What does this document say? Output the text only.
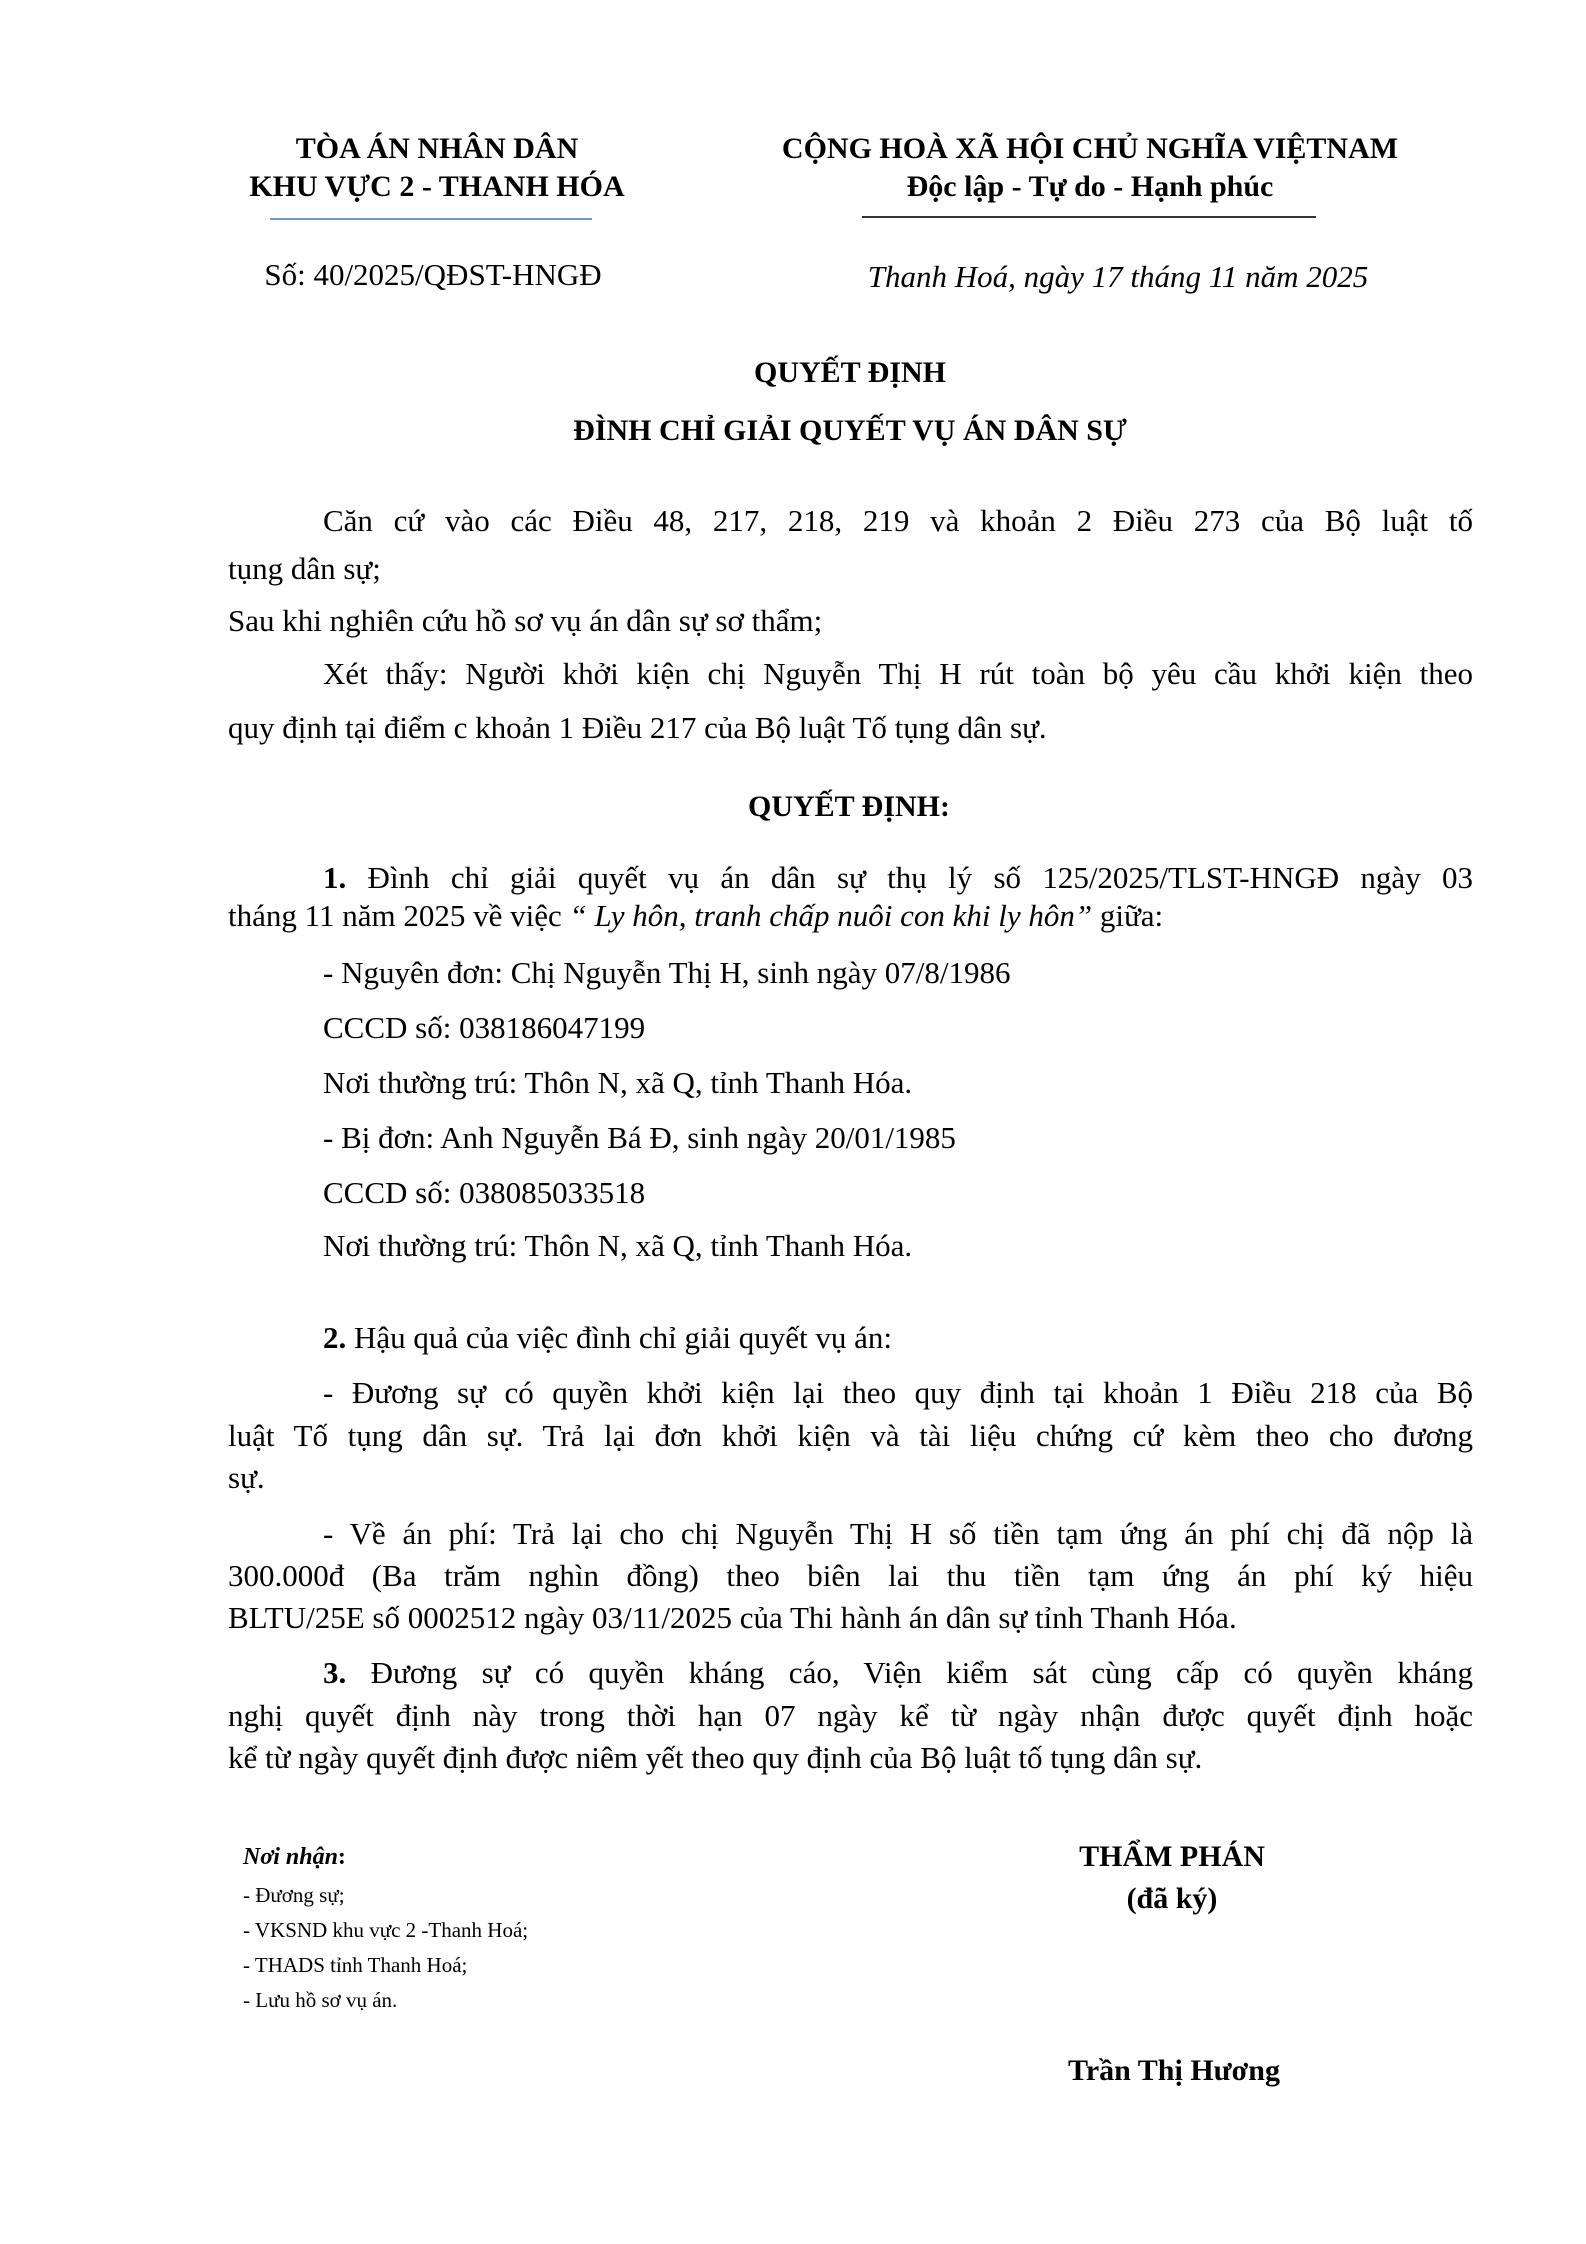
TÒA ÁN NHÂN DÂN
KHU VỰC 2 - THANH HÓA
Số: 40/2025/QĐST-HNGĐ
CỘNG HOÀ XÃ HỘI CHỦ NGHĨA VIỆTNAM
Độc lập - Tự do - Hạnh phúc
Thanh Hoá, ngày 17 tháng 11 năm 2025
QUYẾT ĐỊNH
ĐÌNH CHỈ GIẢI QUYẾT VỤ ÁN DÂN SỰ
Căn cứ vào các Điều 48, 217, 218, 219 và khoản 2 Điều 273 của Bộ luật tố
tụng dân sự;
Sau khi nghiên cứu hồ sơ vụ án dân sự sơ thẩm;
Xét thấy: Người khởi kiện chị Nguyễn Thị H rút toàn bộ yêu cầu khởi kiện theo
quy định tại điểm c khoản 1 Điều 217 của Bộ luật Tố tụng dân sự.
QUYẾT ĐỊNH:
1. Đình chỉ giải quyết vụ án dân sự thụ lý số 125/2025/TLST-HNGĐ ngày 03
tháng 11 năm 2025 về việc “ Ly hôn, tranh chấp nuôi con khi ly hôn” giữa:
- Nguyên đơn: Chị Nguyễn Thị H, sinh ngày 07/8/1986
CCCD số: 038186047199
Nơi thường trú: Thôn N, xã Q, tỉnh Thanh Hóa.
- Bị đơn: Anh Nguyễn Bá Đ, sinh ngày 20/01/1985
CCCD số: 038085033518
Nơi thường trú: Thôn N, xã Q, tỉnh Thanh Hóa.
2. Hậu quả của việc đình chỉ giải quyết vụ án:
- Đương sự có quyền khởi kiện lại theo quy định tại khoản 1 Điều 218 của Bộ
luật Tố tụng dân sự. Trả lại đơn khởi kiện và tài liệu chứng cứ kèm theo cho đương
sự.
- Về án phí: Trả lại cho chị Nguyễn Thị H số tiền tạm ứng án phí chị đã nộp là
300.000đ (Ba trăm nghìn đồng) theo biên lai thu tiền tạm ứng án phí ký hiệu
BLTU/25E số 0002512 ngày 03/11/2025 của Thi hành án dân sự tỉnh Thanh Hóa.
3. Đương sự có quyền kháng cáo, Viện kiểm sát cùng cấp có quyền kháng
nghị quyết định này trong thời hạn 07 ngày kể từ ngày nhận được quyết định hoặc
kể từ ngày quyết định được niêm yết theo quy định của Bộ luật tố tụng dân sự.
Nơi nhận:
- Đương sự;
- VKSND khu vực 2 -Thanh Hoá;
- THADS tỉnh Thanh Hoá;
- Lưu hồ sơ vụ án.
THẨM PHÁN
(đã ký)
Trần Thị Hương
